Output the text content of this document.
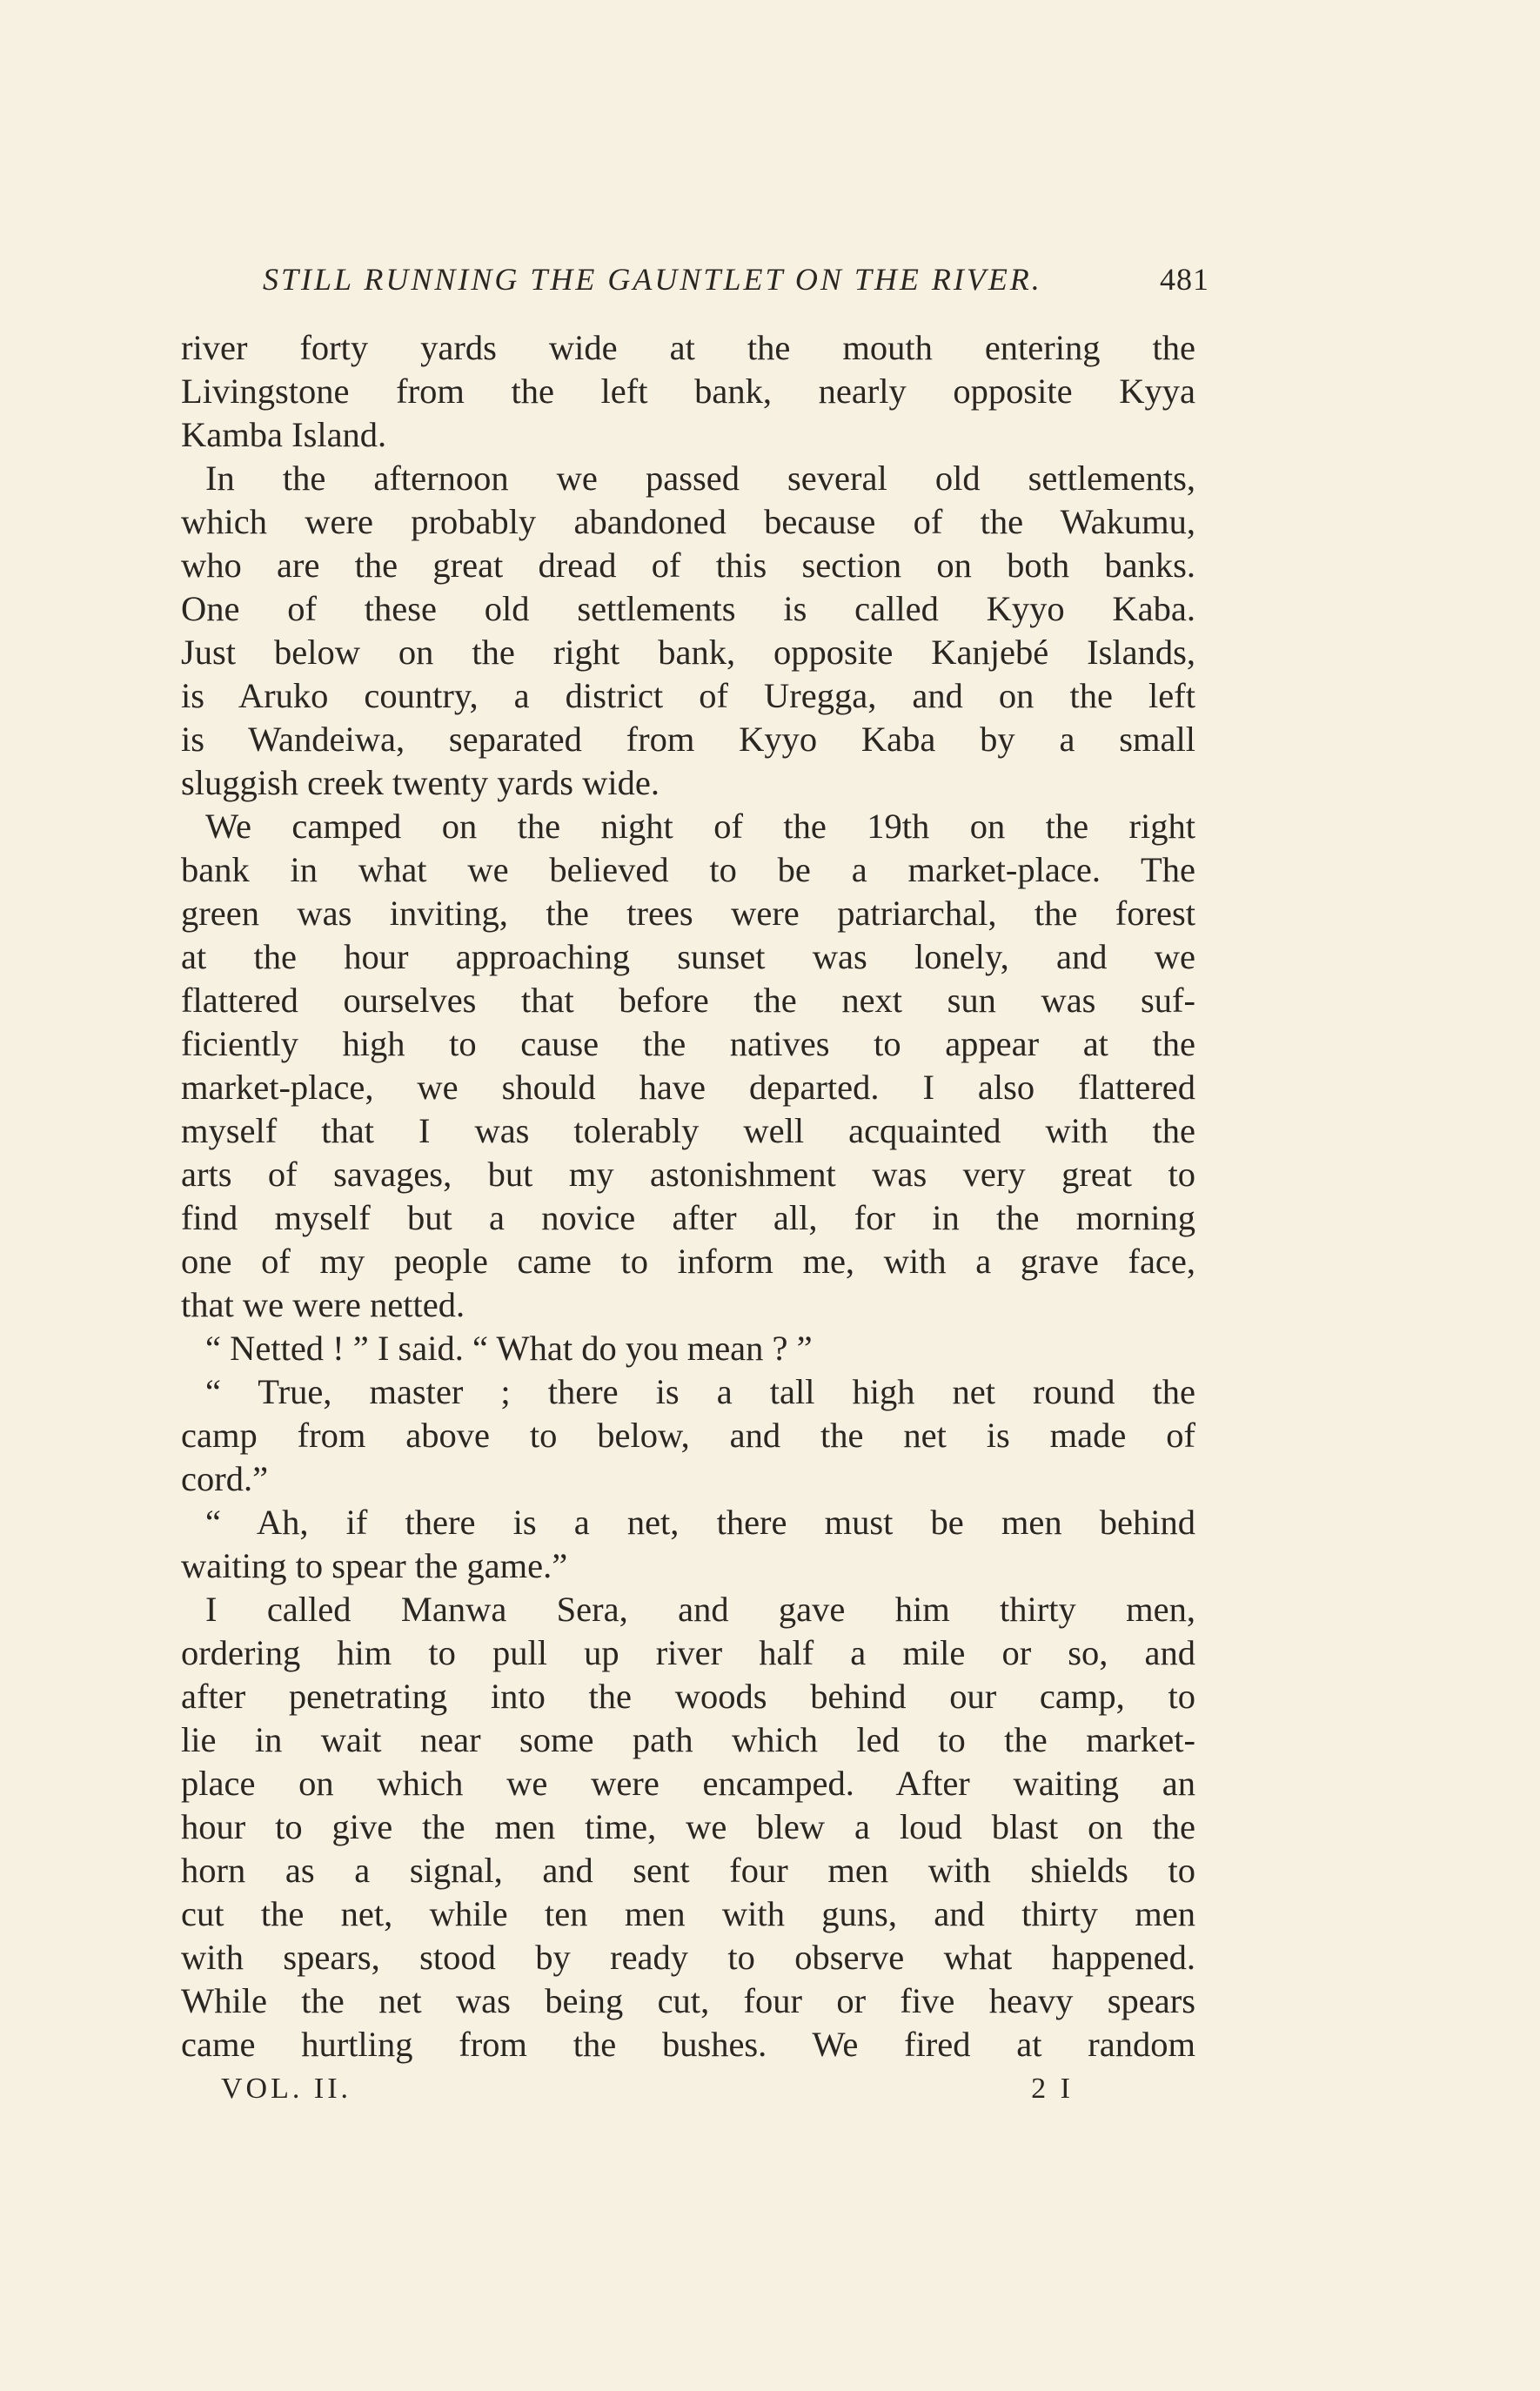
STILL RUNNING THE GAUNTLET ON THE RIVER.	481
river forty yards wide at the mouth entering the
Livingstone from the left bank, nearly opposite Kyya
Kamba Island.
In the afternoon we passed several old settlements,
which were probably abandoned because of the Wakumu,
who are the great dread of this section on both banks.
One of these old settlements is called Kyyo Kaba.
Just below on the right bank, opposite Kanjebé Islands,
is Aruko country, a district of Uregga, and on the left
is Wandeiwa, separated from Kyyo Kaba by a small
sluggish creek twenty yards wide.
We camped on the night of the 19th on the right
bank in what we believed to be a market-place. The
green was inviting, the trees were patriarchal, the forest
at the hour approaching sunset was lonely, and we
flattered ourselves that before the next sun was suf-
ficiently high to cause the natives to appear at the
market-place, we should have departed. I also flattered
myself that I was tolerably well acquainted with the
arts of savages, but my astonishment was very great to
find myself but a novice after all, for in the morning
one of my people came to inform me, with a grave face,
that we were netted.
“ Netted ! ” I said. “ What do you mean ? ”
“ True, master ; there is a tall high net round the
camp from above to below, and the net is made of
cord.”
“ Ah, if there is a net, there must be men behind
waiting to spear the game.”
I called Manwa Sera, and gave him thirty men,
ordering him to pull up river half a mile or so, and
after penetrating into the woods behind our camp, to
lie in wait near some path which led to the market-
place on which we were encamped. After waiting an
hour to give the men time, we blew a loud blast on the
horn as a signal, and sent four men with shields to
cut the net, while ten men with guns, and thirty men
with spears, stood by ready to observe what happened.
While the net was being cut, four or five heavy spears
came hurtling from the bushes. We fired at random
VOL. II.	2 I
